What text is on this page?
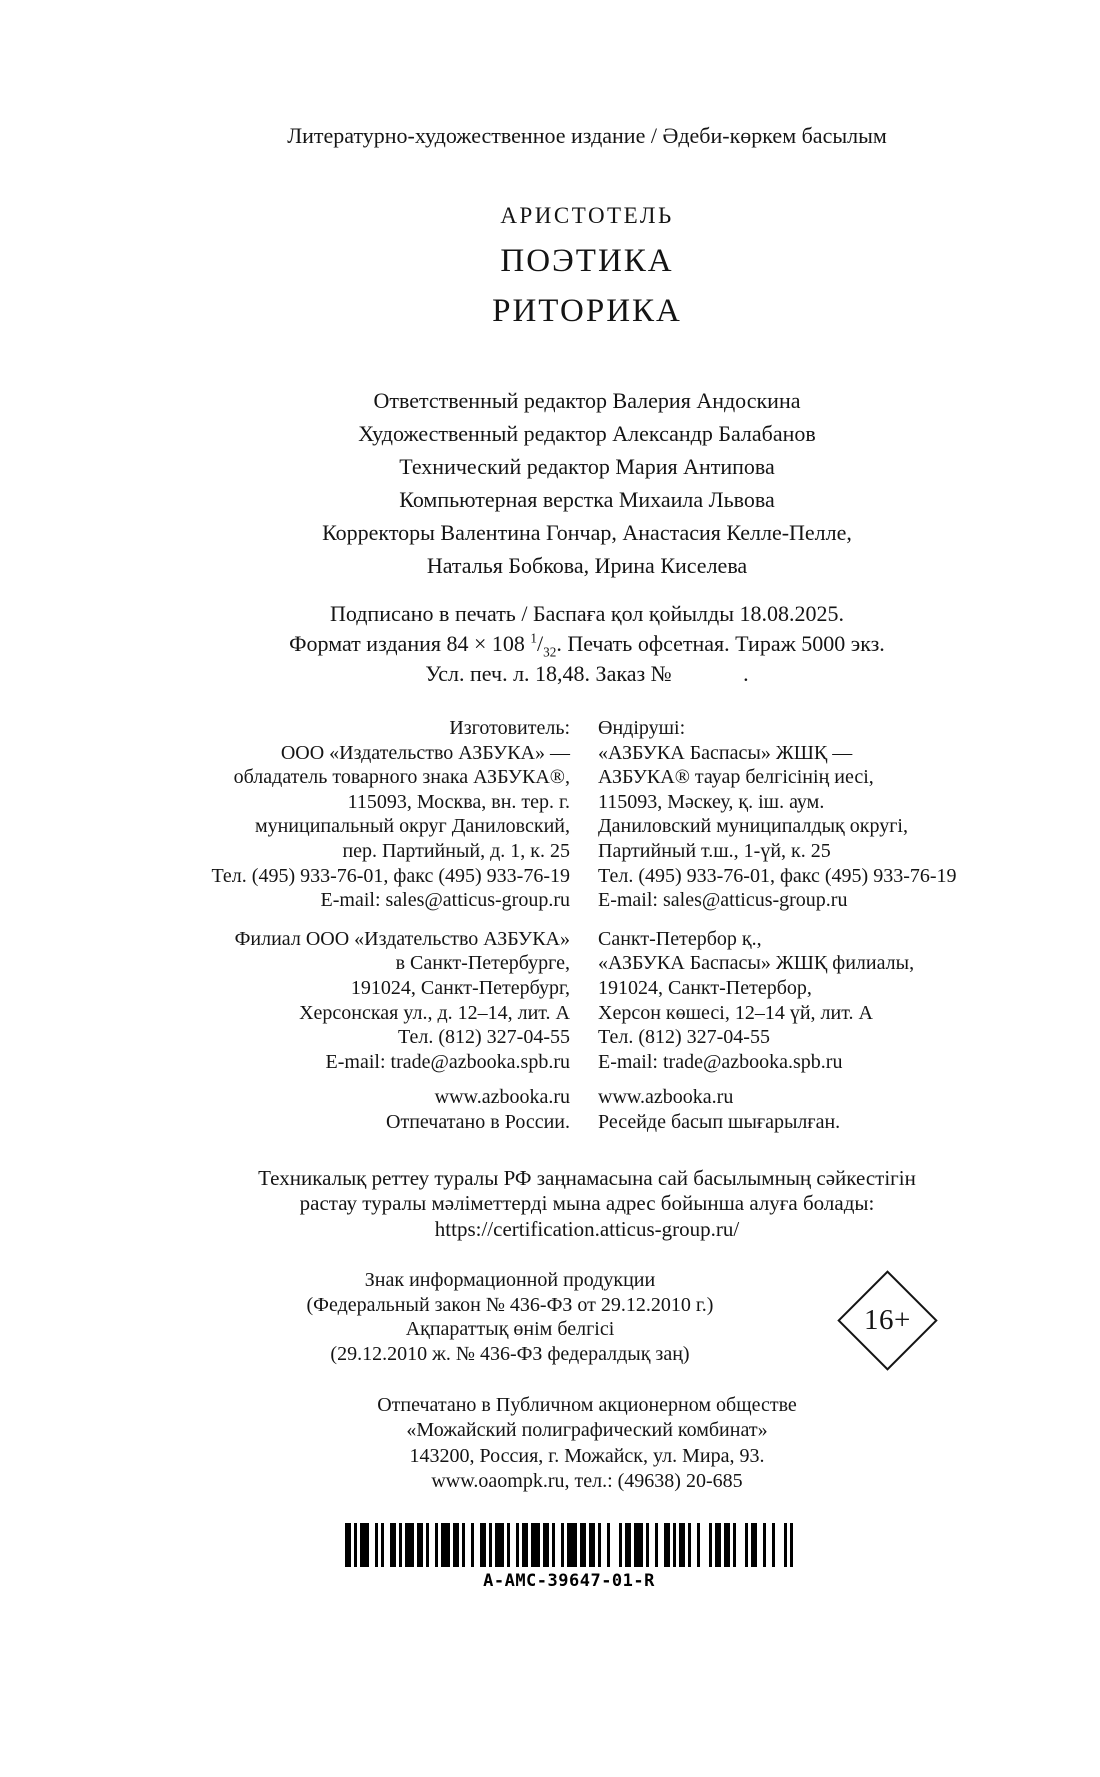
Литературно-художественное издание / Әдеби-көркем басылым
АРИСТОТЕЛЬ
ПОЭТИКА
РИТОРИКА
Ответственный редактор Валерия Андоскина
Художественный редактор Александр Балабанов
Технический редактор Мария Антипова
Компьютерная верстка Михаила Львова
Корректоры Валентина Гончар, Анастасия Келле-Пелле,
Наталья Бобкова, Ирина Киселева
Подписано в печать / Баспаға қол қойылды 18.08.2025.
Формат издания 84 × 108 $^1/_{32}$. Печать офсетная. Тираж 5000 экз.
Усл. печ. л. 18,48. Заказ №             .
Изготовитель:
ООО «Издательство АЗБУКА» —
обладатель товарного знака АЗБУКА®,
115093, Москва, вн. тер. г.
муниципальный округ Даниловский,
пер. Партийный, д. 1, к. 25
Тел. (495) 933-76-01, факс (495) 933-76-19
E-mail: sales@atticus-group.ru
Филиал ООО «Издательство АЗБУКА»
в Санкт-Петербурге,
191024, Санкт-Петербург,
Херсонская ул., д. 12–14, лит. А
Тел. (812) 327-04-55
E-mail: trade@azbooka.spb.ru
www.azbooka.ru
Отпечатано в России.
Өндіруші:
«АЗБУКА Баспасы» ЖШҚ —
АЗБУКА® тауар белгісінің иесі,
115093, Мәскеу, қ. іш. аум.
Даниловский муниципалдық округі,
Партийный т.ш., 1-үй, к. 25
Тел. (495) 933-76-01, факс (495) 933-76-19
E-mail: sales@atticus-group.ru
Санкт-Петербор қ.,
«АЗБУКА Баспасы» ЖШҚ филиалы,
191024, Санкт-Петербор,
Херсон көшесі, 12–14 үй, лит. А
Тел. (812) 327-04-55
E-mail: trade@azbooka.spb.ru
www.azbooka.ru
Ресейде басып шығарылған.
Техникалық реттеу туралы РФ заңнамасына сай басылымның сәйкестігін
растау туралы мәліметтерді мына адрес бойынша алуға болады:
https://certification.atticus-group.ru/
Знак информационной продукции
(Федеральный закон № 436-ФЗ от 29.12.2010 г.)
Ақпараттық өнім белгісі
(29.12.2010 ж. № 436-ФЗ федералдық заң)
16+
Отпечатано в Публичном акционерном обществе
«Можайский полиграфический комбинат»
143200, Россия, г. Можайск, ул. Мира, 93.
www.oaompk.ru, тел.: (49638) 20-685
A-AMC-39647-01-R
